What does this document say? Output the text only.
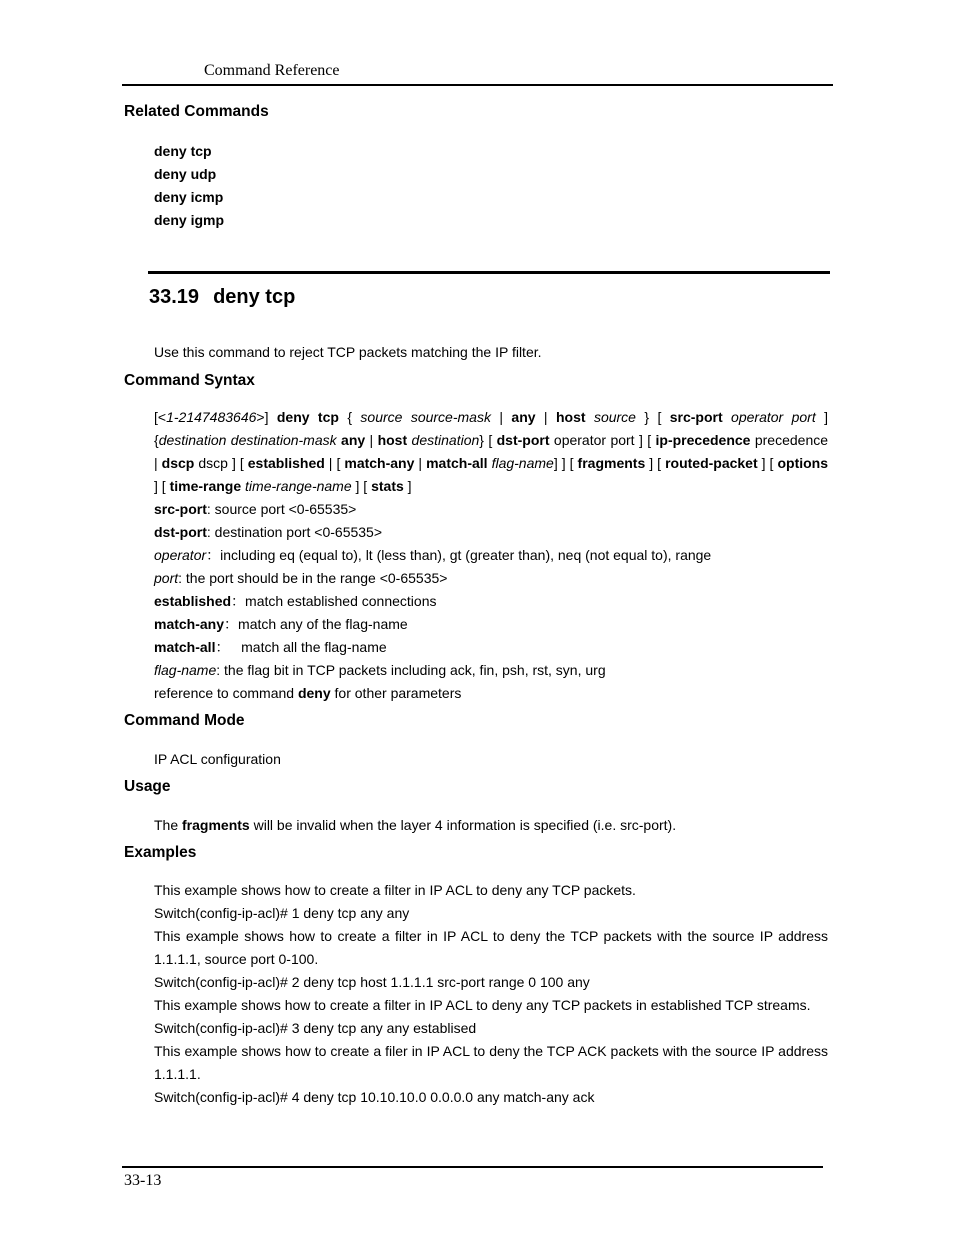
Command Reference
Related Commands
deny tcp
deny udp
deny icmp
deny igmp
33.19 deny tcp
Use this command to reject TCP packets matching the IP filter.
Command Syntax
[<1-2147483646>] deny tcp { source source-mask | any | host source } [ src-port operator port ]{destination destination-mask any | host destination} [ dst-port operator port ] [ ip-precedence precedence | dscp dscp ] [ established | [ match-any | match-all flag-name] ] [ fragments ] [ routed-packet ] [ options ] [ time-range time-range-name ] [ stats ]

src-port: source port <0-65535>

dst-port: destination port <0-65535>

operator：including eq (equal to), lt (less than), gt (greater than), neq (not equal to), range

port: the port should be in the range <0-65535>

established：match established connections

match-any：match any of the flag-name

match-all：   match all the flag-name

flag-name: the flag bit in TCP packets including ack, fin, psh, rst, syn, urg

reference to command deny for other parameters

Command Mode
IP ACL configuration
Usage
The fragments will be invalid when the layer 4 information is specified (i.e. src-port).
Examples

This example shows how to create a filter in IP ACL to deny any TCP packets.

Switch(config-ip-acl)# 1 deny tcp any any

This example shows how to create a filter in IP ACL to deny the TCP packets with the source IP address 1.1.1.1, source port 0-100.

Switch(config-ip-acl)# 2 deny tcp host 1.1.1.1 src-port range 0 100 any

This example shows how to create a filter in IP ACL to deny any TCP packets in established TCP streams.

Switch(config-ip-acl)# 3 deny tcp any any establised

This example shows how to create a filer in IP ACL to deny the TCP ACK packets with the source IP address 1.1.1.1.

Switch(config-ip-acl)# 4 deny tcp 10.10.10.0 0.0.0.0 any match-any ack

33-13
